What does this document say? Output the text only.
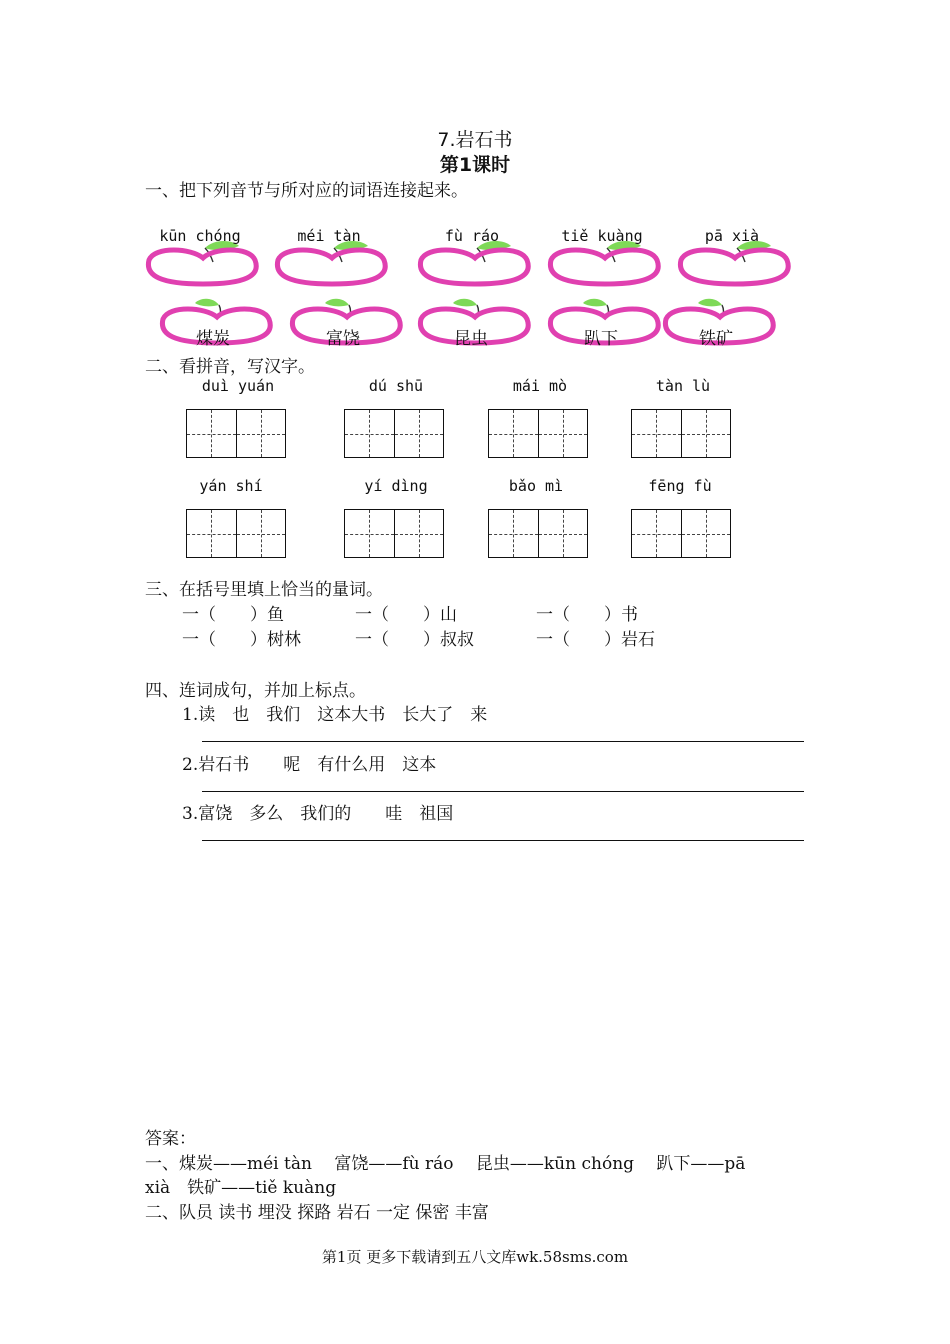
7.岩石书
第1课时
一、把下列音节与所对应的词语连接起来。
kūn chóng	méi tàn	fù ráo	tiě kuàng	pā xià
煤炭	富饶	昆虫	趴下	铁矿
二、看拼音，写汉字。
duì yuán	dú shū	mái mò	tàn lù
yán shí	yí dìng	bǎo mì	fēng fù
三、在括号里填上恰当的量词。
一（　　）鱼	一（　　）山	一（　　）书
一（　　）树林	一（　　）叔叔	一（　　）岩石
四、连词成句，并加上标点。
1.读　也　我们　这本大书　长大了　来
2.岩石书　　呢　有什么用　这本
3.富饶　多么　我们的　　哇　祖国
答案：
一、煤炭——méi tàn　 富饶——fù ráo　 昆虫——kūn chóng　 趴下——pā
xià　铁矿——tiě kuàng
二、队员 读书 埋没 探路 岩石 一定 保密 丰富
第1页 更多下载请到五八文库wk.58sms.com
